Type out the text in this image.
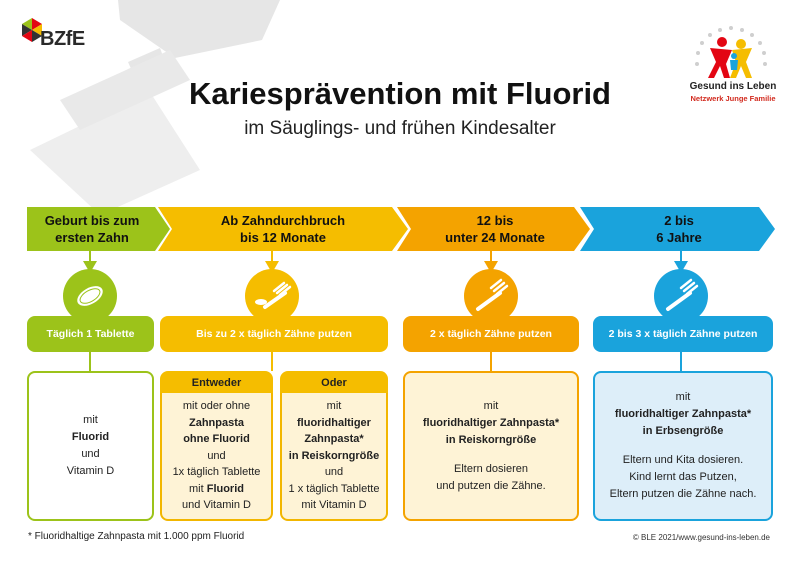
BZfE
Gesund ins Leben
Netzwerk Junge Familie
Kariesprävention mit Fluorid
im Säuglings- und frühen Kindesalter
Geburt bis zum
ersten Zahn
Ab Zahndurchbruch
bis 12 Monate
12 bis
unter 24 Monate
2 bis
6 Jahre
Täglich 1 Tablette	Bis zu 2 x täglich Zähne putzen	2 x täglich Zähne putzen	2 bis 3 x täglich Zähne putzen
mit
Fluorid
und
Vitamin D
Entweder
mit oder ohne
Zahnpasta
ohne Fluorid
und
1x täglich Tablette
mit Fluorid
und Vitamin D
Oder
mit
fluoridhaltiger
Zahnpasta*
in Reiskorngröße
und
1 x täglich Tablette
mit Vitamin D
mit
fluoridhaltiger Zahnpasta*
in Reiskorngröße
Eltern dosieren
und putzen die Zähne.
mit
fluoridhaltiger Zahnpasta*
in Erbsengröße
Eltern und Kita dosieren.
Kind lernt das Putzen,
Eltern putzen die Zähne nach.
* Fluoridhaltige Zahnpasta mit 1.000 ppm Fluorid	© BLE 2021/www.gesund-ins-leben.de
